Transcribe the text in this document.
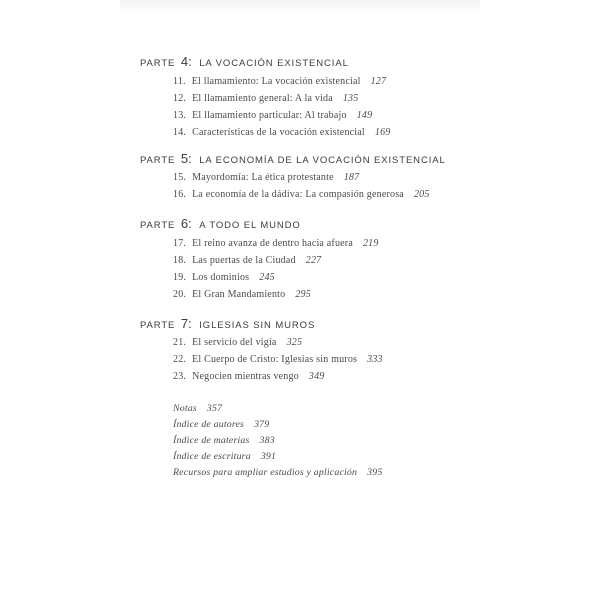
PARTE 4: LA VOCACIÓN EXISTENCIAL
11. El llamamiento: La vocación existencial 127
12. El llamamiento general: A la vida 135
13. El llamamiento particular: Al trabajo 149
14. Características de la vocación existencial 169
PARTE 5: LA ECONOMÍA DE LA VOCACIÓN EXISTENCIAL
15. Mayordomía: La ética protestante 187
16. La economía de la dádiva: La compasión generosa 205
PARTE 6: A TODO EL MUNDO
17. El reino avanza de dentro hacia afuera 219
18. Las puertas de la Ciudad 227
19. Los dominios 245
20. El Gran Mandamiento 295
PARTE 7: IGLESIAS SIN MUROS
21. El servicio del vigía 325
22. El Cuerpo de Cristo: Iglesias sin muros 333
23. Negocien mientras vengo 349
Notas 357
Índice de autores 379
Índice de materias 383
Índice de escritura 391
Recursos para ampliar estudios y aplicación 395
